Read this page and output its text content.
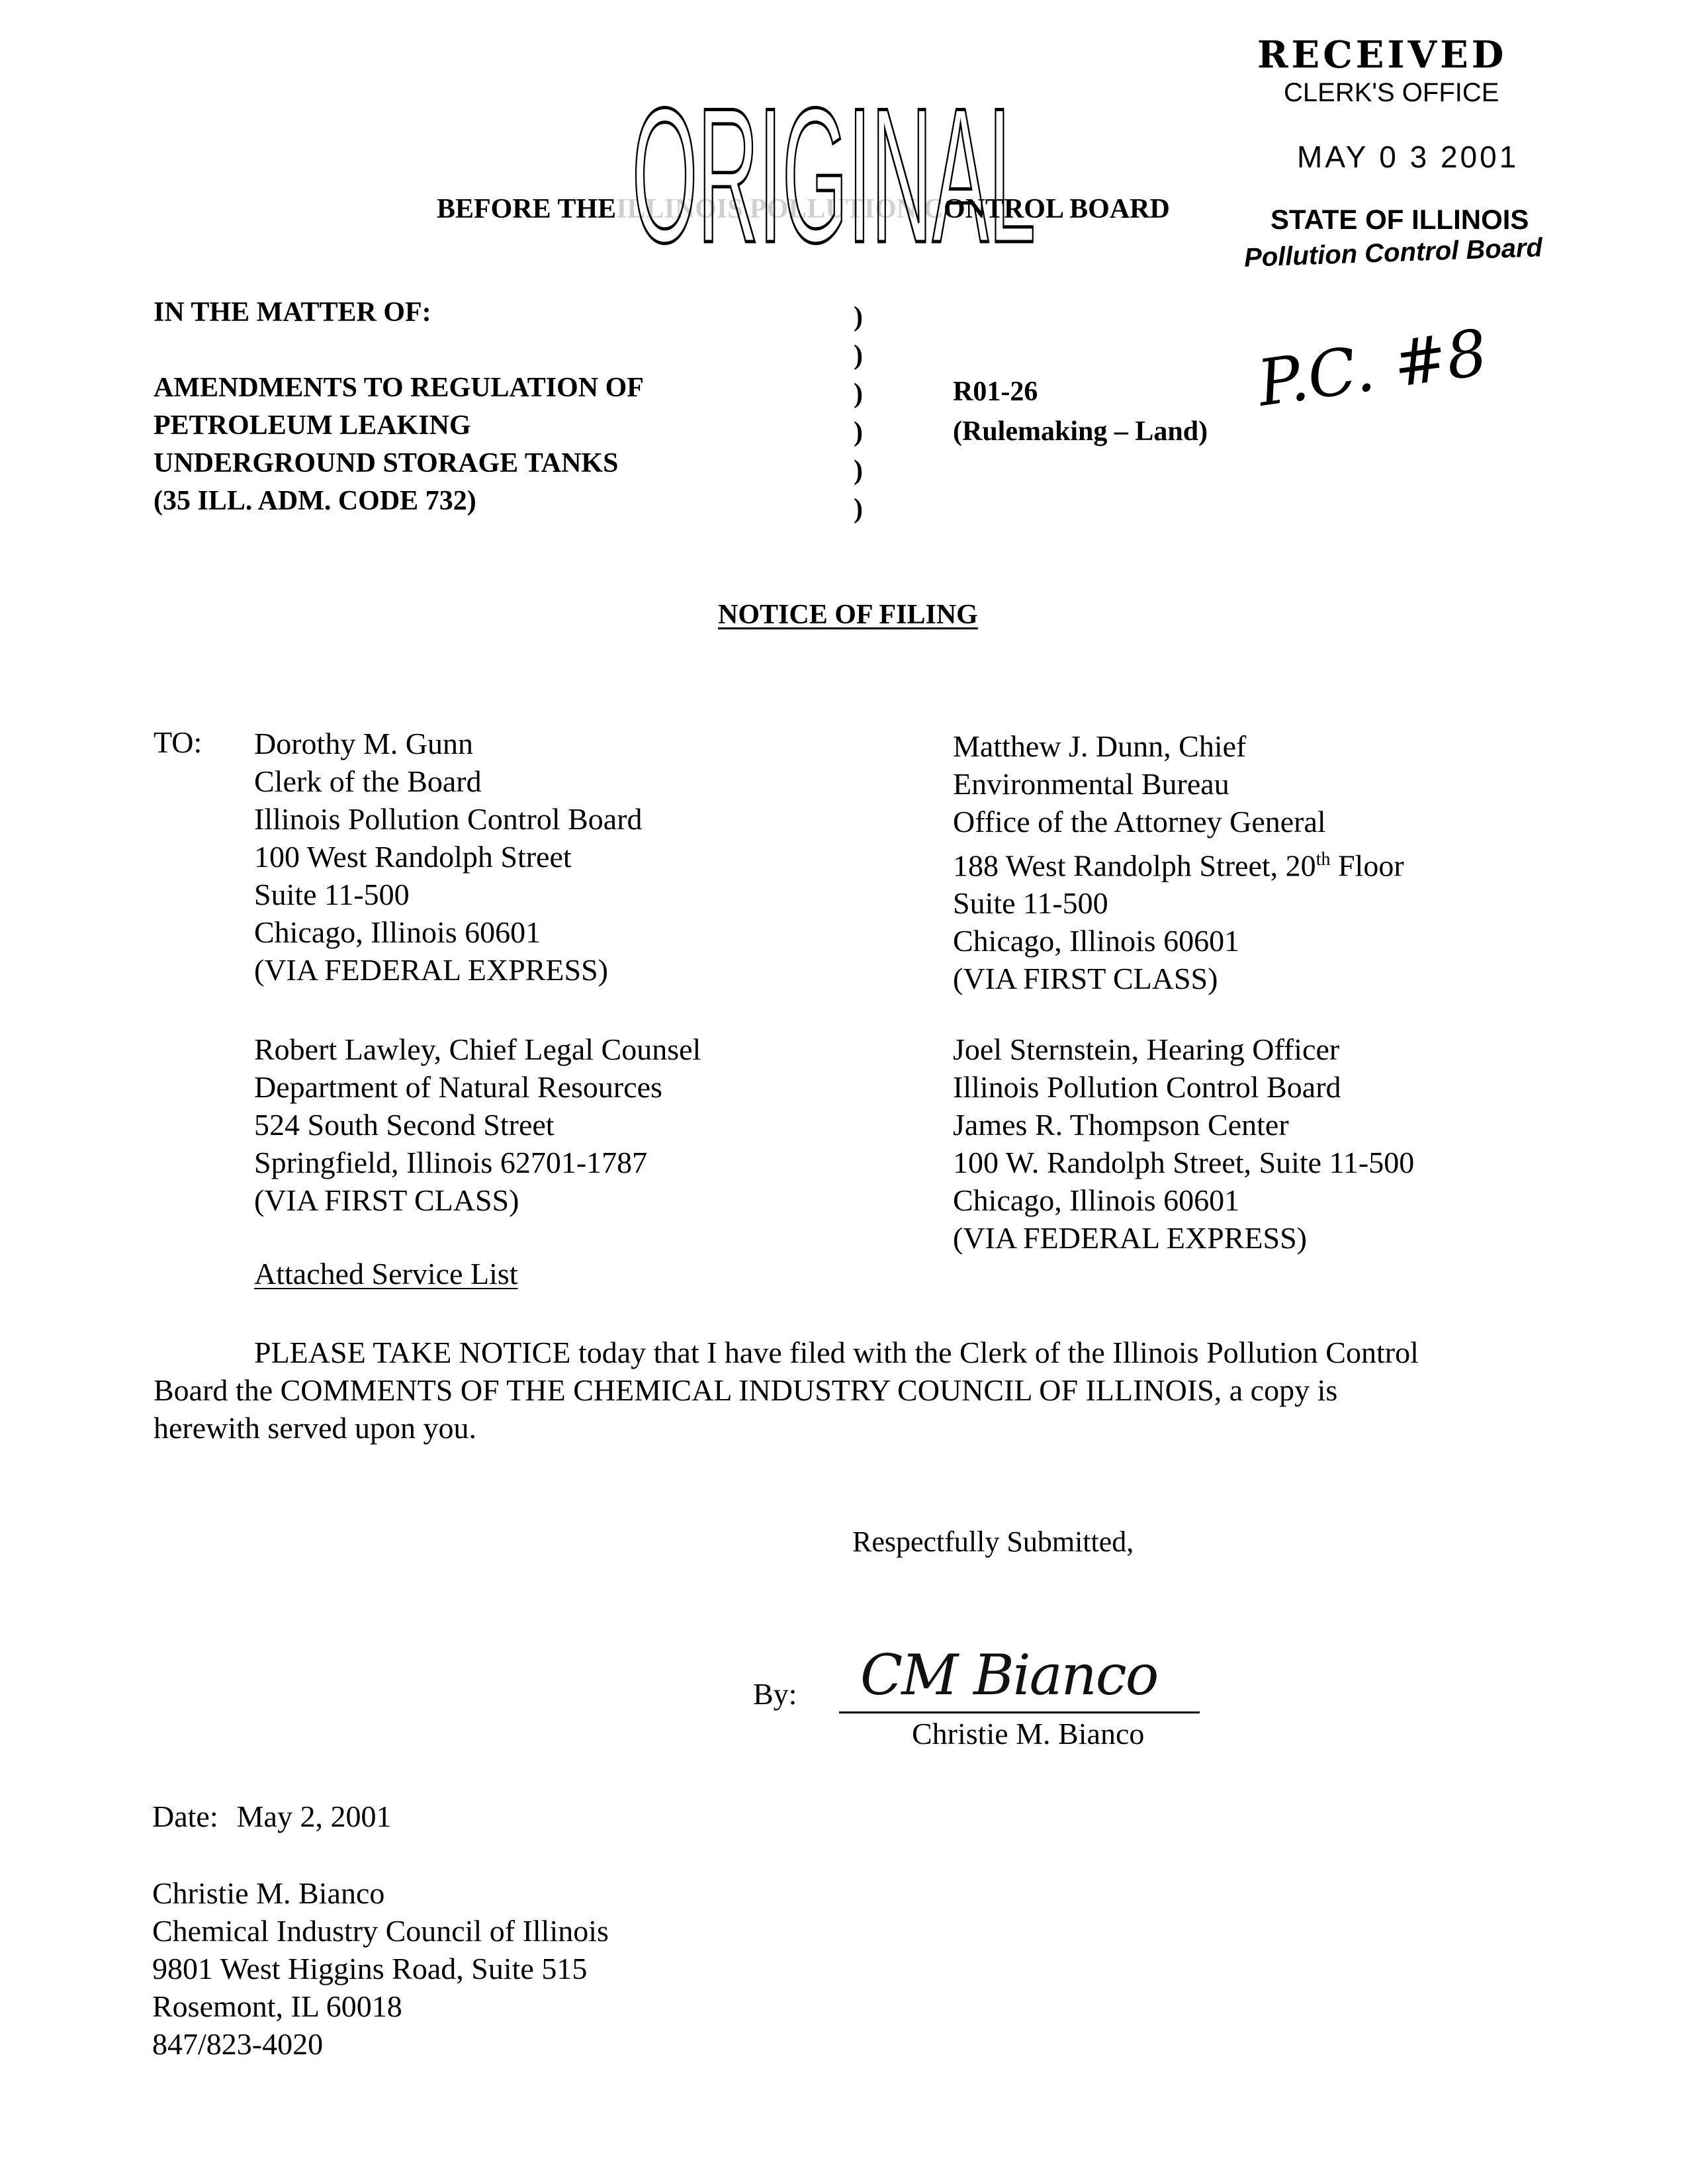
RECEIVED
CLERK'S OFFICE
MAY 0 3 2001
STATE OF ILLINOIS
Pollution Control Board
ORIGINAL
BEFORE THEILLINOIS POLLUTION CONTROL BOARD
IN THE MATTER OF:
AMENDMENTS TO REGULATION OF
PETROLEUM LEAKING
UNDERGROUND STORAGE TANKS
(35 ILL. ADM. CODE 732)
)
)
)
)
)
)
R01-26
(Rulemaking – Land)
P.C. #8
NOTICE OF FILING
TO: Dorothy M. Gunn
Clerk of the Board
Illinois Pollution Control Board
100 West Randolph Street
Suite 11-500
Chicago, Illinois 60601
(VIA FEDERAL EXPRESS)
Matthew J. Dunn, Chief
Environmental Bureau
Office of the Attorney General
188 West Randolph Street, 20th Floor
Suite 11-500
Chicago, Illinois 60601
(VIA FIRST CLASS)
Robert Lawley, Chief Legal Counsel
Department of Natural Resources
524 South Second Street
Springfield, Illinois 62701-1787
(VIA FIRST CLASS)
Joel Sternstein, Hearing Officer
Illinois Pollution Control Board
James R. Thompson Center
100 W. Randolph Street, Suite 11-500
Chicago, Illinois 60601
(VIA FEDERAL EXPRESS)
Attached Service List
PLEASE TAKE NOTICE today that I have filed with the Clerk of the Illinois Pollution Control
Board the COMMENTS OF THE CHEMICAL INDUSTRY COUNCIL OF ILLINOIS, a copy is
herewith served upon you.
Respectfully Submitted,
By: CM Bianco
Christie M. Bianco
Date: May 2, 2001
Christie M. Bianco
Chemical Industry Council of Illinois
9801 West Higgins Road, Suite 515
Rosemont, IL 60018
847/823-4020
